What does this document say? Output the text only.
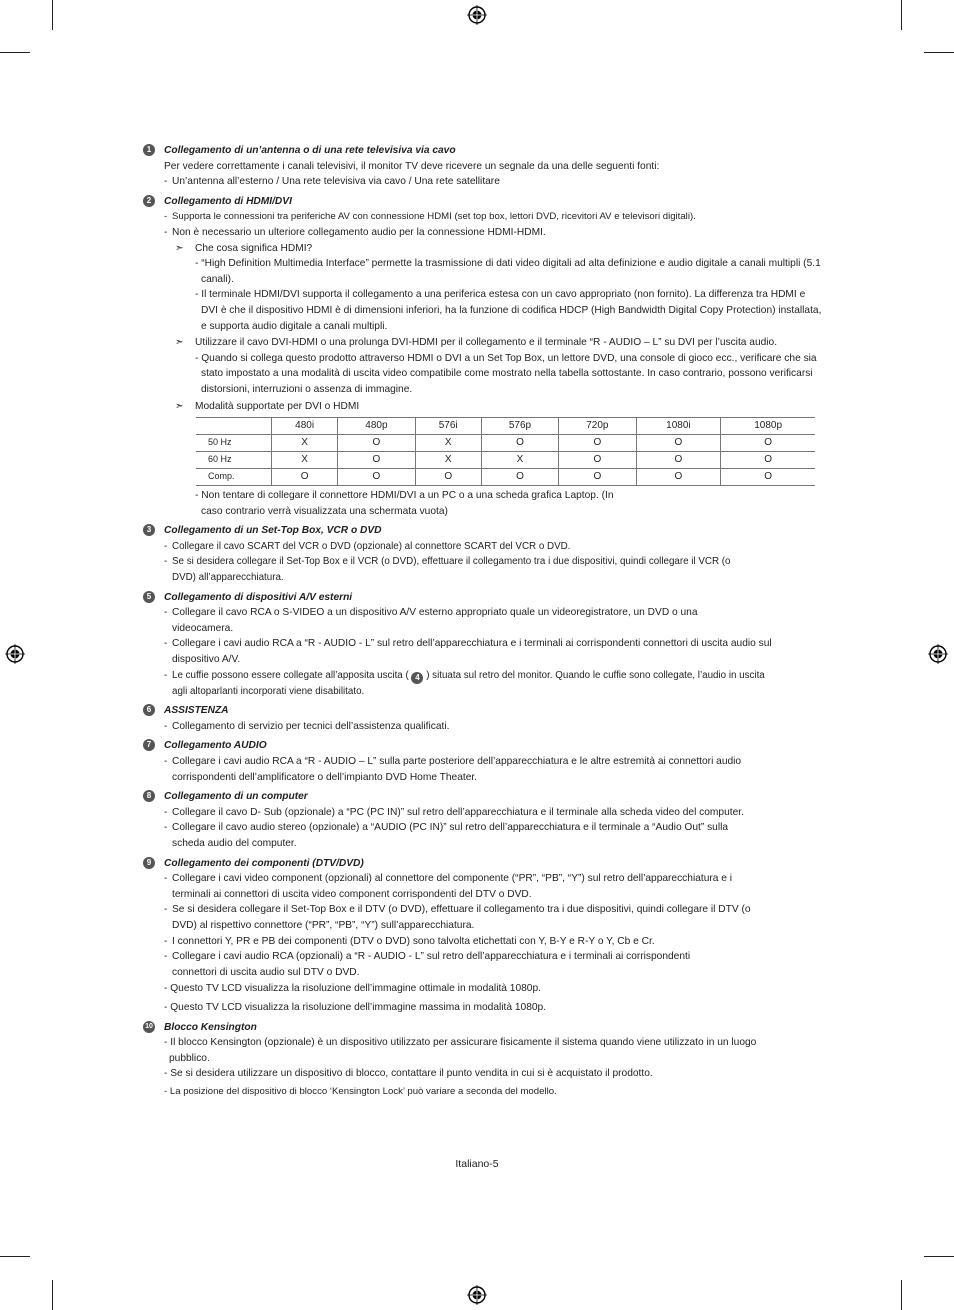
1	Collegamento di un’antenna o di una rete televisiva via cavo
Per vedere correttamente i canali televisivi, il monitor TV deve ricevere un segnale da una delle seguenti fonti:
- Un’antenna all’esterno / Una rete televisiva via cavo / Una rete satellitare
2	Collegamento di HDMI/DVI
- Supporta le connessioni tra periferiche AV con connessione HDMI (set top box, lettori DVD, ricevitori AV e televisori digitali).
- Non è necessario un ulteriore collegamento audio per la connessione HDMI-HDMI.
➣ Che cosa significa HDMI?
- “High Definition Multimedia Interface” permette la trasmissione di dati video digitali ad alta definizione e audio digitale a canali multipli (5.1 canali).
- Il terminale HDMI/DVI supporta il collegamento a una periferica estesa con un cavo appropriato (non fornito). La differenza tra HDMI e DVI è che il dispositivo HDMI è di dimensioni inferiori, ha la funzione di codifica HDCP (High Bandwidth Digital Copy Protection) installata, e supporta audio digitale a canali multipli.
➣ Utilizzare il cavo DVI-HDMI o una prolunga DVI-HDMI per il collegamento e il terminale “R - AUDIO – L” su DVI per l’uscita audio.
- Quando si collega questo prodotto attraverso HDMI o DVI a un Set Top Box, un lettore DVD, una console di gioco ecc., verificare che sia stato impostato a una modalità di uscita video compatibile come mostrato nella tabella sottostante. In caso contrario, possono verificarsi distorsioni, interruzioni o assenza di immagine.
➣ Modalità supportate per DVI o HDMI
	480i	480p	576i	576p	720p	1080i	1080p
50 Hz	X	O	X	O	O	O	O
60 Hz	X	O	X	X	O	O	O
Comp.	O	O	O	O	O	O	O
- Non tentare di collegare il connettore HDMI/DVI a un PC o a una scheda grafica Laptop. (In caso contrario verrà visualizzata una schermata vuota)
3	Collegamento di un Set-Top Box, VCR o DVD
- Collegare il cavo SCART del VCR o DVD (opzionale) al connettore SCART del VCR o DVD.
- Se si desidera collegare il Set-Top Box e il VCR (o DVD), effettuare il collegamento tra i due dispositivi, quindi collegare il VCR (o DVD) all’apparecchiatura.
5	Collegamento di dispositivi A/V esterni
- Collegare il cavo RCA o S-VIDEO a un dispositivo A/V esterno appropriato quale un videoregistratore, un DVD o una videocamera.
- Collegare i cavi audio RCA a “R - AUDIO - L” sul retro dell’apparecchiatura e i terminali ai corrispondenti connettori di uscita audio sul dispositivo A/V.
- Le cuffie possono essere collegate all’apposita uscita ( 4 ) situata sul retro del monitor. Quando le cuffie sono collegate, l’audio in uscita agli altoparlanti incorporati viene disabilitato.
6	ASSISTENZA
- Collegamento di servizio per tecnici dell’assistenza qualificati.
7	Collegamento AUDIO
- Collegare i cavi audio RCA a “R - AUDIO – L” sulla parte posteriore dell’apparecchiatura e le altre estremità ai connettori audio corrispondenti dell’amplificatore o dell’impianto DVD Home Theater.
8	Collegamento di un computer
- Collegare il cavo D- Sub (opzionale) a “PC (PC IN)” sul retro dell’apparecchiatura e il terminale alla scheda video del computer.
- Collegare il cavo audio stereo (opzionale) a “AUDIO (PC IN)” sul retro dell’apparecchiatura e il terminale a “Audio Out” sulla scheda audio del computer.
9	Collegamento dei componenti (DTV/DVD)
- Collegare i cavi video component (opzionali) al connettore del componente (“PR”, “PB”, “Y”) sul retro dell’apparecchiatura e i terminali ai connettori di uscita video component corrispondenti del DTV o DVD.
- Se si desidera collegare il Set-Top Box e il DTV (o DVD), effettuare il collegamento tra i due dispositivi, quindi collegare il DTV (o DVD) al rispettivo connettore (“PR”, “PB”, “Y”) sull’apparecchiatura.
- I connettori Y, PR e PB dei componenti (DTV o DVD) sono talvolta etichettati con Y, B-Y e R-Y o Y, Cb e Cr.
- Collegare i cavi audio RCA (opzionali) a “R - AUDIO - L” sul retro dell’apparecchiatura e i terminali ai corrispondenti connettori di uscita audio sul DTV o DVD.
- Questo TV LCD visualizza la risoluzione dell’immagine ottimale in modalità 1080p.
- Questo TV LCD visualizza la risoluzione dell’immagine massima in modalità 1080p.
10 Blocco Kensington
- Il blocco Kensington (opzionale) è un dispositivo utilizzato per assicurare fisicamente il sistema quando viene utilizzato in un luogo pubblico.
- Se si desidera utilizzare un dispositivo di blocco, contattare il punto vendita in cui si è acquistato il prodotto.
- La posizione del dispositivo di blocco ‘Kensington Lock’ può variare a seconda del modello.
Italiano-5
